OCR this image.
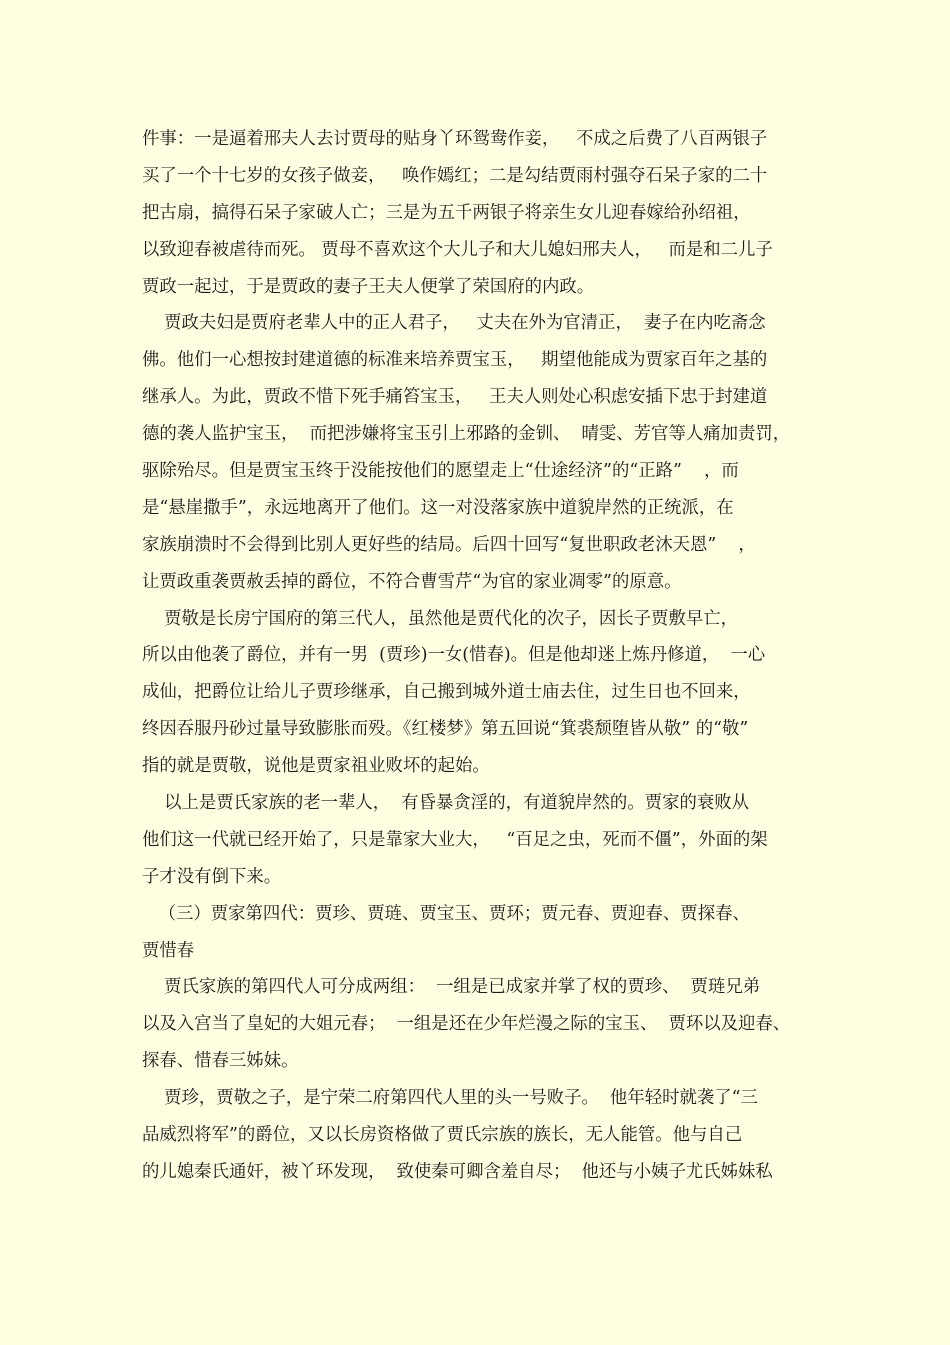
件事：一是逼着邢夫人去讨贾母的贴身丫环鸳鸯作妾，   不成之后费了八百两银子
买了一个十七岁的女孩子做妾，   唤作嫣红；二是勾结贾雨村强夺石呆子家的二十
把古扇，搞得石呆子家破人亡；三是为五千两银子将亲生女儿迎春嫁给孙绍祖，
以致迎春被虐待而死。 贾母不喜欢这个大儿子和大儿媳妇邢夫人，   而是和二儿子
贾政一起过，于是贾政的妻子王夫人便掌了荣国府的内政。
贾政夫妇是贾府老辈人中的正人君子，   丈夫在外为官清正，  妻子在内吃斋念
佛。他们一心想按封建道德的标准来培养贾宝玉，   期望他能成为贾家百年之基的
继承人。为此，贾政不惜下死手痛笞宝玉，   王夫人则处心积虑安插下忠于封建道
德的袭人监护宝玉，  而把涉嫌将宝玉引上邪路的金钏、  晴雯、芳官等人痛加责罚，
驱除殆尽。但是贾宝玉终于没能按他们的愿望走上“仕途经济”的“正路”    ，而
是“悬崖撒手”，永远地离开了他们。这一对没落家族中道貌岸然的正统派，在
家族崩溃时不会得到比别人更好些的结局。后四十回写“复世职政老沐天恩”    ，
让贾政重袭贾赦丢掉的爵位，不符合曹雪芹“为官的家业凋零”的原意。
贾敬是长房宁国府的第三代人，虽然他是贾代化的次子，因长子贾敷早亡，
所以由他袭了爵位，并有一男  (贾珍)一女(惜春)。但是他却迷上炼丹修道，  一心
成仙，把爵位让给儿子贾珍继承，自己搬到城外道士庙去住，过生日也不回来，
终因吞服丹砂过量导致膨胀而殁。《红楼梦》第五回说“箕裘颓堕皆从敬” 的“敬”
指的就是贾敬，说他是贾家祖业败坏的起始。
以上是贾氏家族的老一辈人，  有昏暴贪淫的，有道貌岸然的。贾家的衰败从
他们这一代就已经开始了，只是靠家大业大，   “百足之虫，死而不僵”，外面的架
子才没有倒下来。
（三）贾家第四代：贾珍、贾琏、贾宝玉、贾环；贾元春、贾迎春、贾探春、
贾惜春
贾氏家族的第四代人可分成两组：  一组是已成家并掌了权的贾珍、  贾琏兄弟
以及入宫当了皇妃的大姐元春；  一组是还在少年烂漫之际的宝玉、  贾环以及迎春、
探春、惜春三姊妹。
贾珍，贾敬之子，是宁荣二府第四代人里的头一号败子。  他年轻时就袭了“三
品威烈将军”的爵位，又以长房资格做了贾氏宗族的族长，无人能管。他与自己
的儿媳秦氏通奸，被丫环发现，  致使秦可卿含羞自尽；  他还与小姨子尤氏姊妹私
